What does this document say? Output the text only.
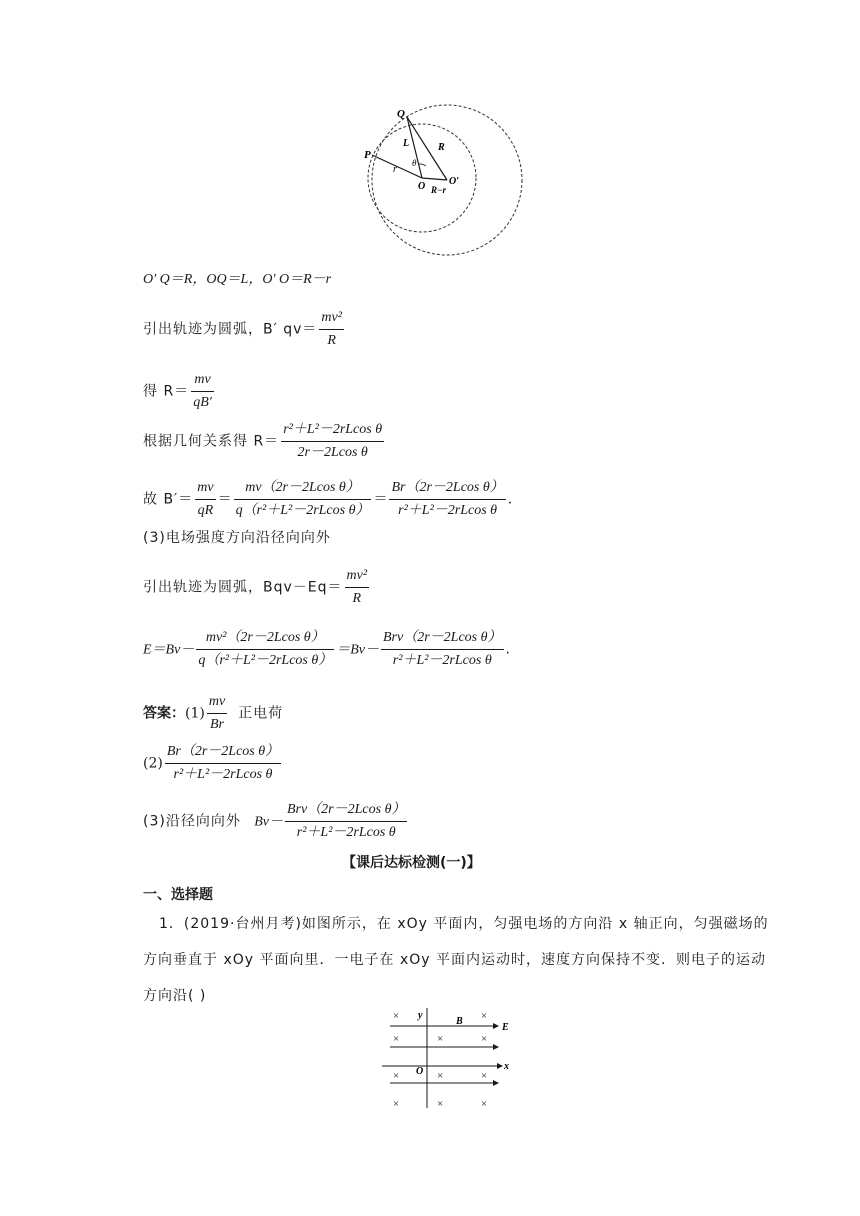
Q
P
L	R
θ
r
O O′
R−r
O′ Q＝R，OQ＝L，O′ O＝R－r
引出轨迹为圆弧，B′ $qv= \frac{\text{mv²}}{R}$
得 $R= \frac{mv}{qB'}$
根据几何关系得 $R= \frac{\text{r²＋L²－2rLcos θ}}{\text{2r－2Lcos θ}}$
故 $B'= \frac{mv}{qR} = \frac{\text{mv（2r－2Lcos θ）}}{\text{q（r²＋L²－2rLcos θ）}} = \frac{\text{Br（2r－2Lcos θ）}}{\text{r²＋L²－2rLcos θ}}$ .
(3)电场强度方向沿径向向外
引出轨迹为圆弧，$Bqv-Eq= \frac{\text{mv²}}{R}$
$E=Bv- \frac{\text{mv²（2r－2Lcos θ）}}{\text{q（r²＋L²－2rLcos θ）}} =Bv- \frac{\text{Brv（2r－2Lcos θ）}}{\text{r²＋L²－2rLcos θ}}$ .
答案：$(1) \frac{mv}{Br}$ 正电荷
$(2) \frac{\text{Br（2r－2Lcos θ）}}{\text{r²＋L²－2rLcos θ}}$
(3)沿径向向外 $Bv- \frac{\text{Brv（2r－2Lcos θ）}}{\text{r²＋L²－2rLcos θ}}$
【课后达标检测(一)】
一、选择题
1．(2019·台州月考)如图所示，在 xOy 平面内，匀强电场的方向沿 x 轴正向，匀强磁场的
方向垂直于 xOy 平面向里．一电子在 xOy 平面内运动时，速度方向保持不变．则电子的运动
方向沿( )
×	×
×	×	×
×	×	×
×	×	×
y
B
E
x
O
